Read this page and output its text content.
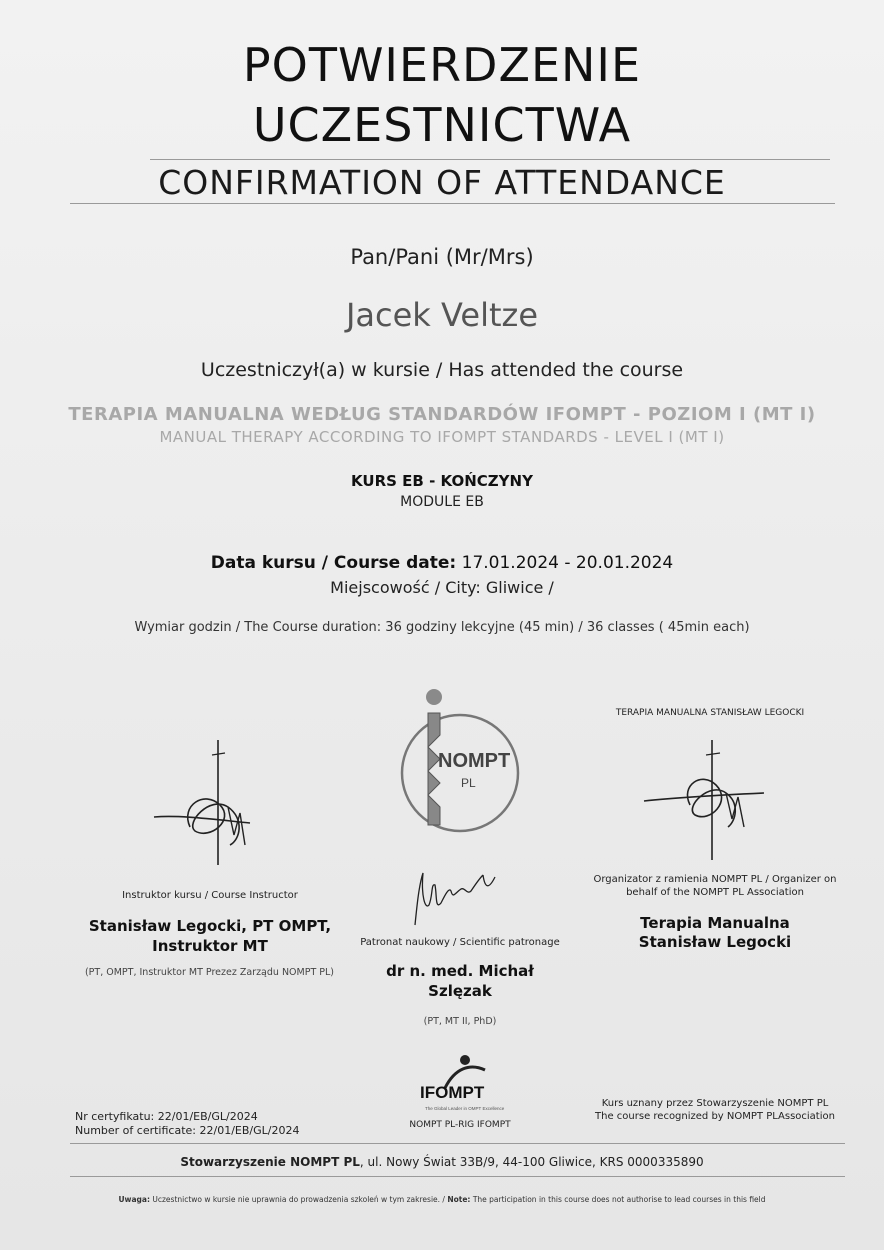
POTWIERDZENIE
UCZESTNICTWA
CONFIRMATION OF ATTENDANCE
Pan/Pani (Mr/Mrs)
Jacek Veltze
Uczestniczył(a) w kursie / Has attended the course
TERAPIA MANUALNA WEDŁUG STANDARDÓW IFOMPT - POZIOM I (MT I)
MANUAL THERAPY ACCORDING TO IFOMPT STANDARDS - LEVEL I (MT I)
KURS EB - KOŃCZYNY
MODULE EB
Data kursu / Course date: 17.01.2024 - 20.01.2024
Miejscowość / City: Gliwice /
Wymiar godzin / The Course duration: 36 godziny lekcyjne (45 min) / 36 classes ( 45min each)
Instruktor kursu / Course Instructor
Stanisław Legocki, PT OMPT,
Instruktor MT
(PT, OMPT, Instruktor MT Prezez Zarządu NOMPT PL)
NOMPT
PL
Patronat naukowy / Scientific patronage
dr n. med. Michał
Szlęzak
(PT, MT II, PhD)
TERAPIA MANUALNA STANISŁAW LEGOCKI
Organizator z ramienia NOMPT PL / Organizer on
behalf of the NOMPT PL Association
Terapia Manualna
Stanisław Legocki
Nr certyfikatu: 22/01/EB/GL/2024
Number of certificate: 22/01/EB/GL/2024
IFOMPT
The Global Leader in OMPT Excellence
NOMPT PL-RIG IFOMPT
Kurs uznany przez Stowarzyszenie NOMPT PL
The course recognized by NOMPT PLAssociation
Stowarzyszenie NOMPT PL, ul. Nowy Świat 33B/9, 44-100 Gliwice, KRS 0000335890
Uwaga: Uczestnictwo w kursie nie uprawnia do prowadzenia szkoleń w tym zakresie. / Note: The participation in this course does not authorise to lead courses in this field
